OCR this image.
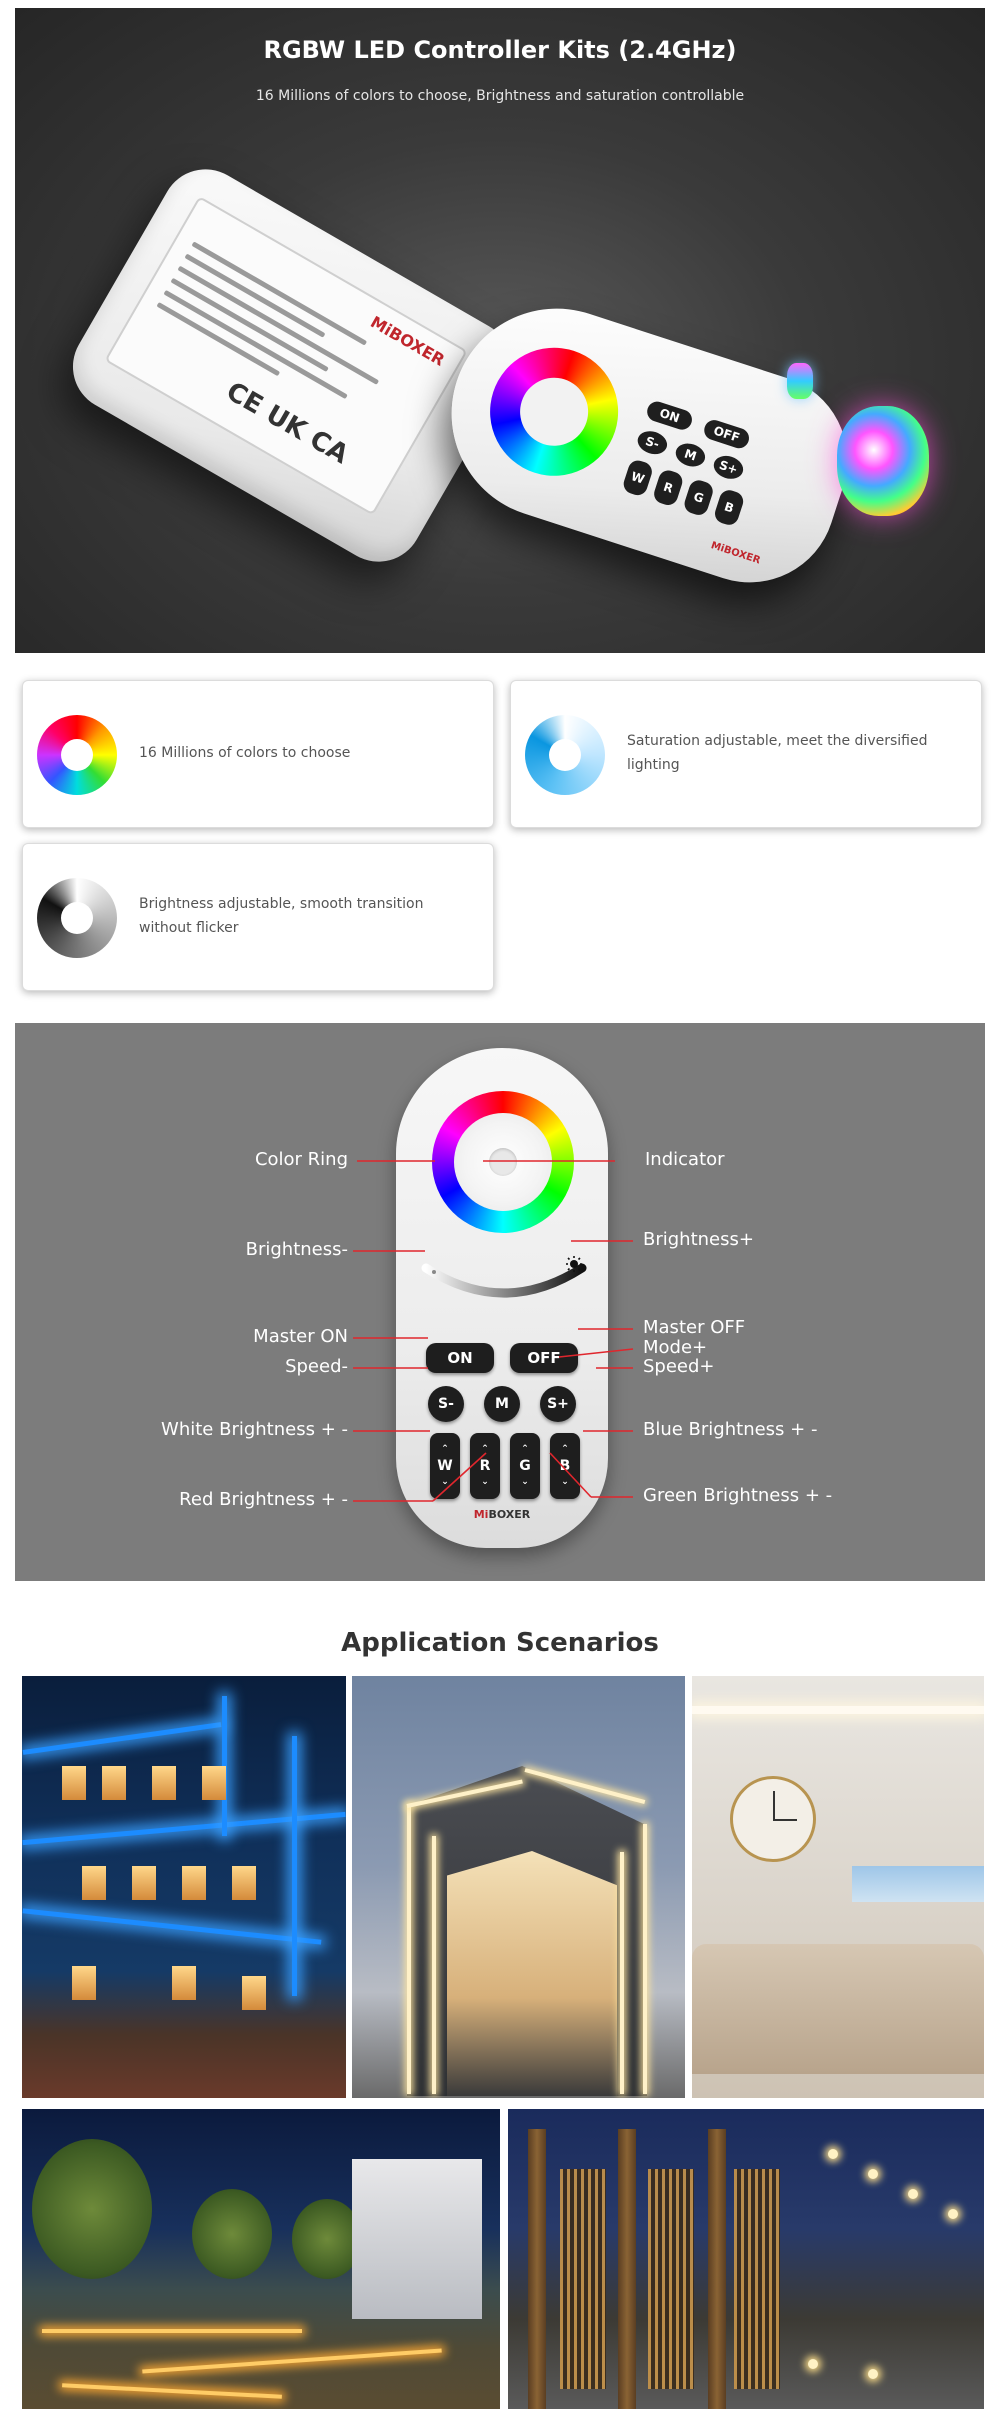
RGBW LED Controller Kits (2.4GHz)

16 Millions of colors to choose, Brightness and saturation controllable

MiBOXER
CE UK CA	ON
OFF
S-
M
S+
W
R
G
B
MiBOXER
16 Millions of colors to choose
Saturation adjustable, meet the diversified lighting
Brightness adjustable, smooth transition without flicker
ON	OFF
S-	M	S+
⌃
W
⌄
⌃
R
⌄
⌃
G
⌄
⌃
B
⌄
MiBOXER
Color Ring	Indicator
Brightness-	Brightness+
Master ON	Master OFF
Mode+
Speed-	Speed+
White Brightness + -	Blue Brightness + -
Red Brightness + -	Green Brightness + -
Application Scenarios
